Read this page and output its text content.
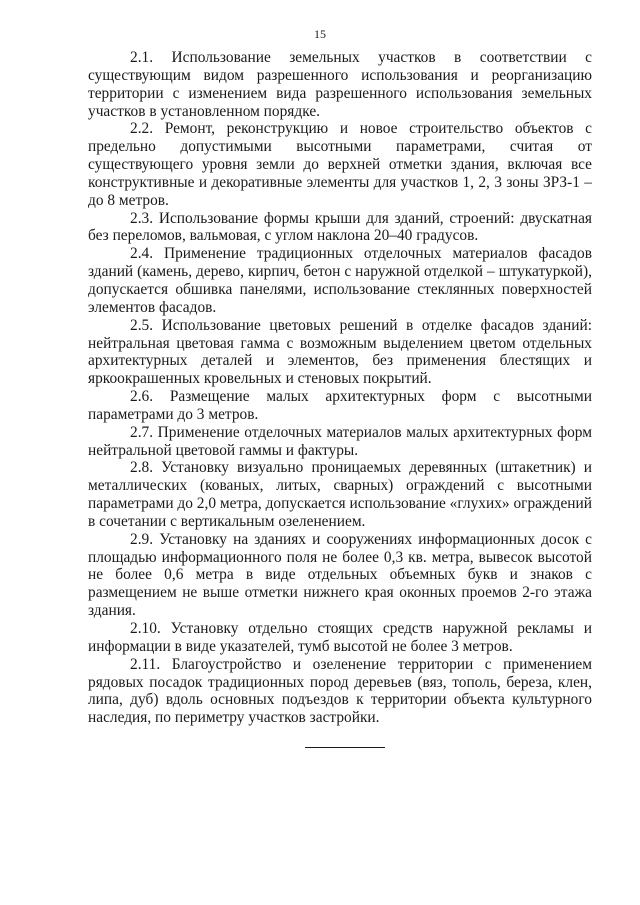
15

2.1. Использование земельных участков в соответствии с существующим видом разрешенного использования и реорганизацию территории с изменением вида разрешенного использования земельных участков в установленном порядке.

2.2. Ремонт, реконструкцию и новое строительство объектов с предельно допустимыми высотными параметрами, считая от существующего уровня земли до верхней отметки здания, включая все конструктивные и декоративные элементы для участков 1, 2, 3 зоны ЗРЗ-1 – до 8 метров.

2.3. Использование формы крыши для зданий, строений: двускатная без переломов, вальмовая, с углом наклона 20–40 градусов.

2.4. Применение традиционных отделочных материалов фасадов зданий (камень, дерево, кирпич, бетон с наружной отделкой – штукатуркой), допускается обшивка панелями, использование стеклянных поверхностей элементов фасадов.

2.5. Использование цветовых решений в отделке фасадов зданий: нейтральная цветовая гамма с возможным выделением цветом отдельных архитектурных деталей и элементов, без применения блестящих и яркоокрашенных кровельных и стеновых покрытий.

2.6. Размещение малых архитектурных форм с высотными параметрами до 3 метров.

2.7. Применение отделочных материалов малых архитектурных форм нейтральной цветовой гаммы и фактуры.

2.8. Установку визуально проницаемых деревянных (штакетник) и металлических (кованых, литых, сварных) ограждений с высотными параметрами до 2,0 метра, допускается использование «глухих» ограждений в сочетании с вертикальным озеленением.

2.9. Установку на зданиях и сооружениях информационных досок с площадью информационного поля не более 0,3 кв. метра, вывесок высотой не более 0,6 метра в виде отдельных объемных букв и знаков с размещением не выше отметки нижнего края оконных проемов 2-го этажа здания.

2.10. Установку отдельно стоящих средств наружной рекламы и информации в виде указателей, тумб высотой не более 3 метров.

2.11. Благоустройство и озеленение территории с применением рядовых посадок традиционных пород деревьев (вяз, тополь, береза, клен, липа, дуб) вдоль основных подъездов к территории объекта культурного наследия, по периметру участков застройки.
